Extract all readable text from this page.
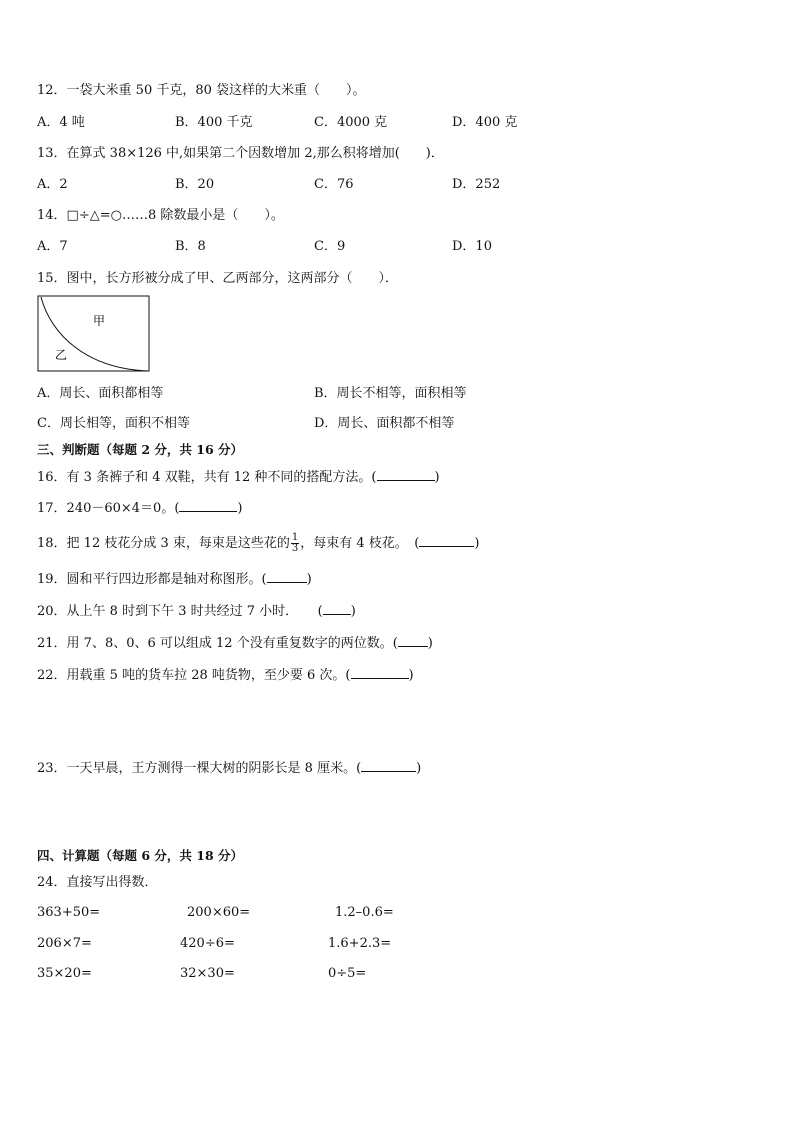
12．一袋大米重 50 千克，80 袋这样的大米重（　　）。
A．4 吨	B．400 千克	C．4000 克	D．400 克
13．在算式 38×126 中,如果第二个因数增加 2,那么积将增加(　　)．
A．2	B．20	C．76	D．252
14．□÷△=○……8 除数最小是（　　）。
A．7	B．8	C．9	D．10
15．图中，长方形被分成了甲、乙两部分，这两部分（　　）．
甲
乙
A．周长、面积都相等	B．周长不相等，面积相等
C．周长相等，面积不相等	D．周长、面积都不相等
三、判断题（每题 2 分，共 16 分）
16．有 3 条裤子和 4 双鞋，共有 12 种不同的搭配方法。(	)
17．240－60×4＝0。(	)
18．把 12 枝花分成 3 束，每束是这些花的 $\frac{1}{3}$ ，每束有 4 枝花。　(	)
19．圆和平行四边形都是轴对称图形。(	)
20．从上午 8 时到下午 3 时共经过 7 小时．　　( )
21．用 7、8、0、6 可以组成 12 个没有重复数字的两位数。( )
22．用载重 5 吨的货车拉 28 吨货物，至少要 6 次。(	)
23．一天早晨，王方测得一棵大树的阴影长是 8 厘米。(	)
四、计算题（每题 6 分，共 18 分）
24．直接写出得数．
363+50=	200×60=	1.2–0.6=
206×7=	420÷6=	1.6+2.3=
35×20=	32×30=	0÷5=
